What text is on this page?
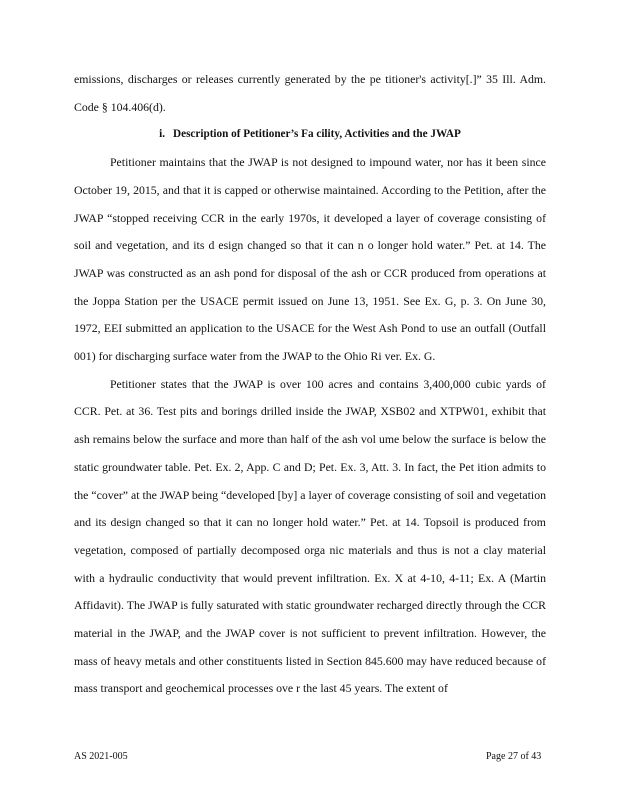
emissions, discharges or releases currently generated by the pe titioner's activity[.]” 35 Ill. Adm. Code § 104.406(d).

i. Description of Petitioner’s Fa cility, Activities and the JWAP

Petitioner maintains that the JWAP is not designed to impound water, nor has it been since October 19, 2015, and that it is capped or otherwise maintained. According to the Petition, after the JWAP “stopped receiving CCR in the early 1970s, it developed a layer of coverage consisting of soil and vegetation, and its d esign changed so that it can n o longer hold water.” Pet. at 14. The JWAP was constructed as an ash pond for disposal of the ash or CCR produced from operations at the Joppa Station per the USACE permit issued on June 13, 1951. See Ex. G, p. 3. On June 30, 1972, EEI submitted an application to the USACE for the West Ash Pond to use an outfall (Outfall 001) for discharging surface water from the JWAP to the Ohio Ri ver. Ex. G.

Petitioner states that the JWAP is over 100 acres and contains 3,400,000 cubic yards of CCR. Pet. at 36. Test pits and borings drilled inside the JWAP, XSB02 and XTPW01, exhibit that ash remains below the surface and more than half of the ash vol ume below the surface is below the static groundwater table. Pet. Ex. 2, App. C and D; Pet. Ex. 3, Att. 3. In fact, the Pet ition admits to the “cover” at the JWAP being “developed [by] a layer of coverage consisting of soil and vegetation and its design changed so that it can no longer hold water.” Pet. at 14. Topsoil is produced from vegetation, composed of partially decomposed orga nic materials and thus is not a clay material with a hydraulic conductivity that would prevent infiltration. Ex. X at 4-10, 4-11; Ex. A (Martin Affidavit). The JWAP is fully saturated with static groundwater recharged directly through the CCR material in the JWAP, and the JWAP cover is not sufficient to prevent infiltration. However, the mass of heavy metals and other constituents listed in Section 845.600 may have reduced because of mass transport and geochemical processes ove r the last 45 years. The extent of

AS 2021-005	Page 27 of 43
